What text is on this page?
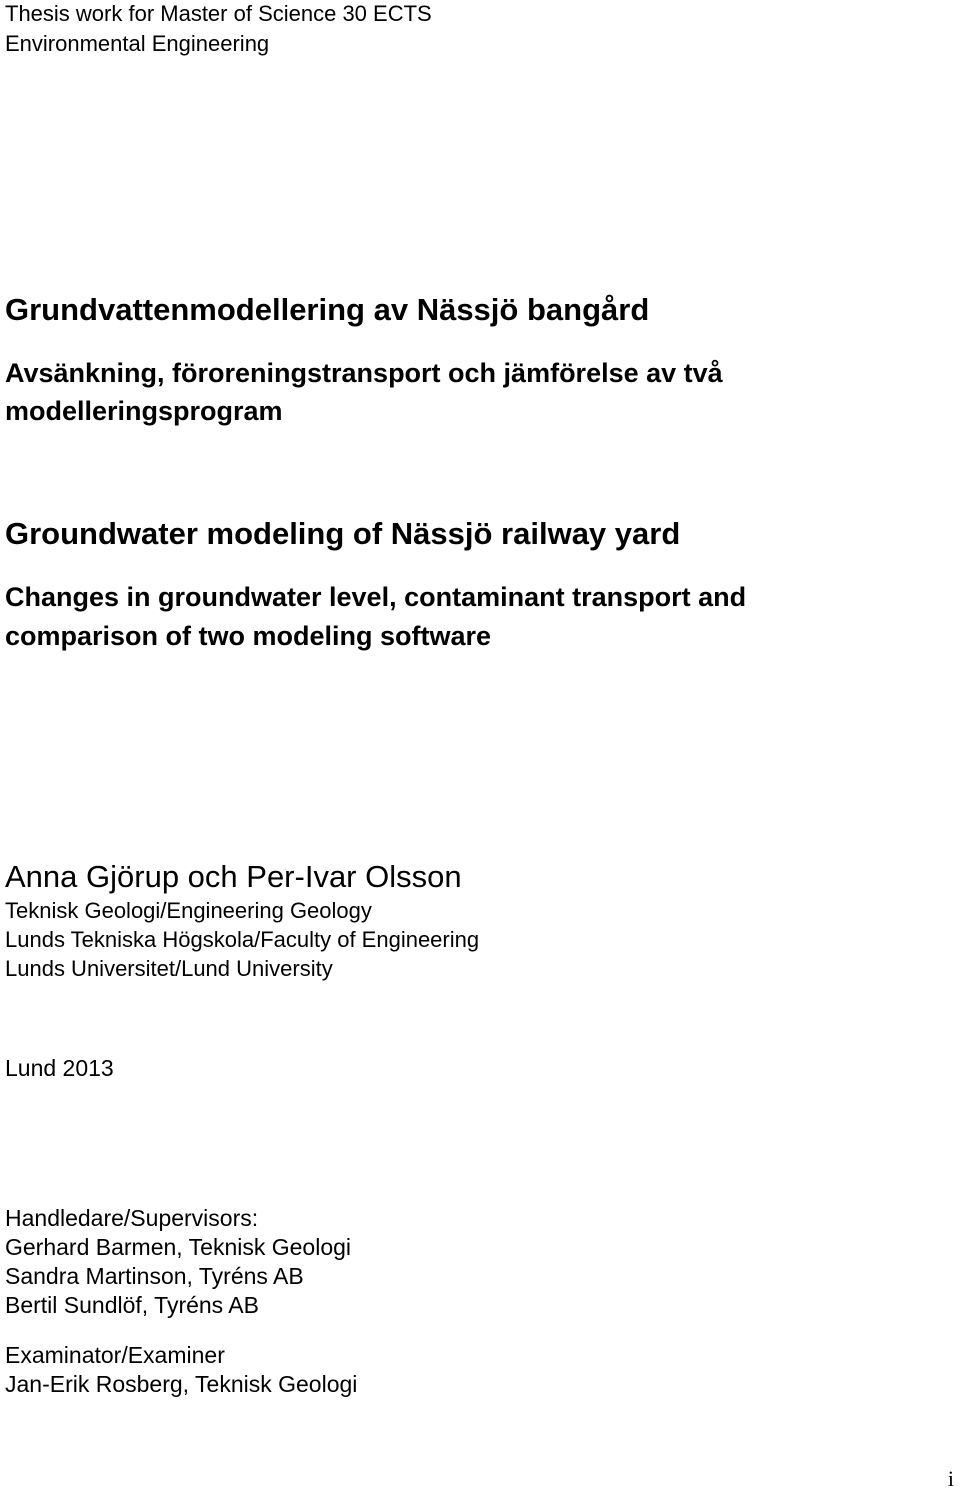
Thesis work for Master of Science 30 ECTS
Environmental Engineering
Grundvattenmodellering av Nässjö bangård
Avsänkning, föroreningstransport och jämförelse av två
modelleringsprogram
Groundwater modeling of Nässjö railway yard
Changes in groundwater level, contaminant transport and
comparison of two modeling software
Anna Gjörup och Per-Ivar Olsson
Teknisk Geologi/Engineering Geology
Lunds Tekniska Högskola/Faculty of Engineering
Lunds Universitet/Lund University
Lund 2013
Handledare/Supervisors:
Gerhard Barmen, Teknisk Geologi
Sandra Martinson, Tyréns AB
Bertil Sundlöf, Tyréns AB
Examinator/Examiner
Jan-Erik Rosberg, Teknisk Geologi
i
